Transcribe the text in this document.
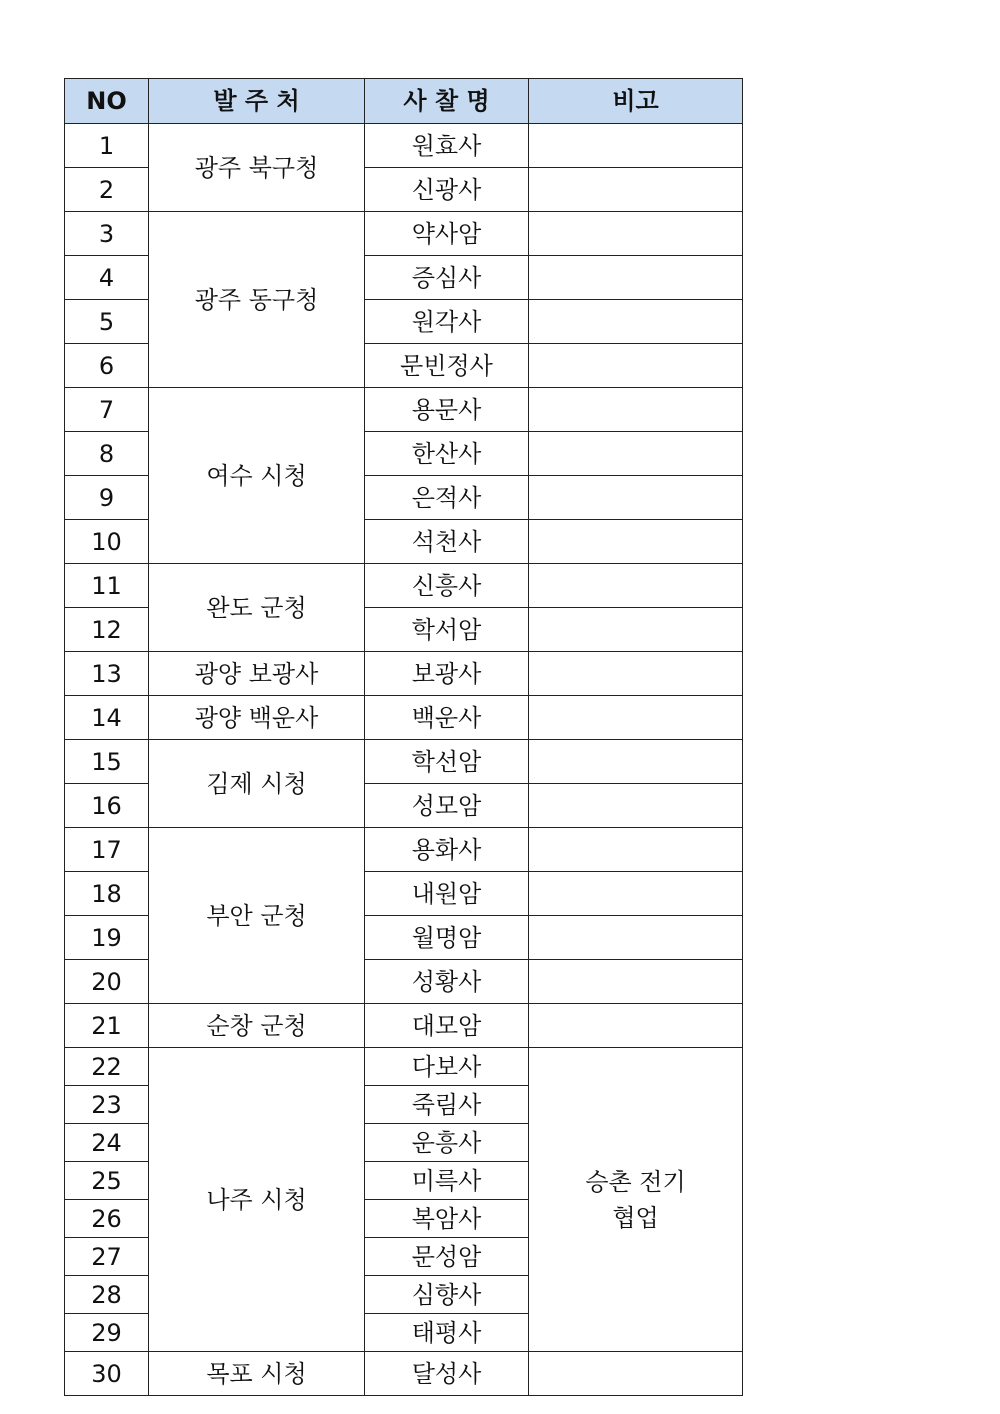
NO	발 주 처	사 찰 명	비고
1	광주 북구청	원효사	
2		신광사	
3	광주 동구청	약사암	
4		증심사	
5		원각사	
6		문빈정사	
7	여수 시청	용문사	
8		한산사	
9		은적사	
10		석천사	
11	완도 군청	신흥사	
12		학서암	
13	광양 보광사	보광사	
14	광양 백운사	백운사	
15	김제 시청	학선암	
16		성모암	
17	부안 군청	용화사	
18		내원암	
19		월명암	
20		성황사	
21	순창 군청	대모암	
22	나주 시청	다보사	승촌 전기
협업
23		죽림사	
24		운흥사	
25		미륵사	
26		복암사	
27		문성암	
28		심향사	
29		태평사	
30	목포 시청	달성사	
